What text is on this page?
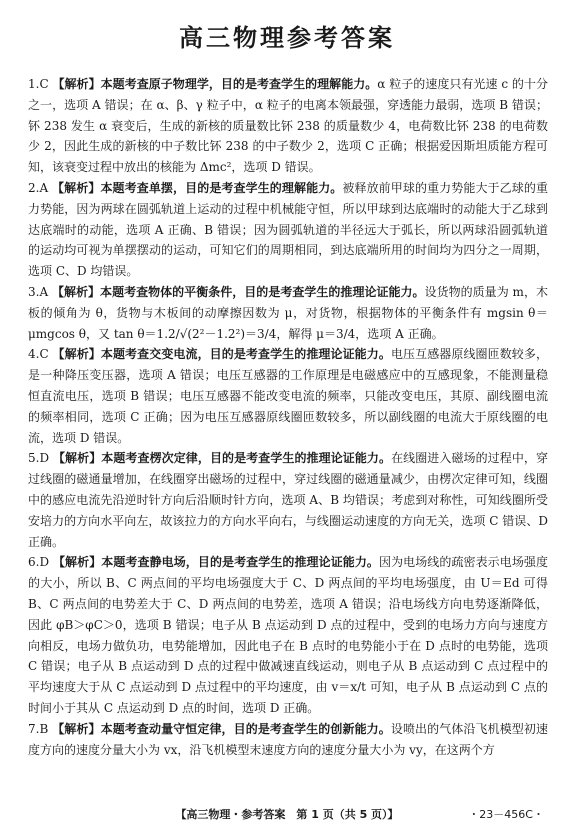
高三物理参考答案

1.C 【解析】本题考查原子物理学，目的是考查学生的理解能力。α 粒子的速度只有光速 c 的十分之一，选项 A 错误；在 α、β、γ 粒子中，α 粒子的电离本领最强，穿透能力最弱，选项 B 错误；钚 238 发生 α 衰变后，生成的新核的质量数比钚 238 的质量数少 4，电荷数比钚 238 的电荷数少 2，因此生成的新核的中子数比钚 238 的中子数少 2，选项 C 正确；根据爱因斯坦质能方程可知，该衰变过程中放出的核能为 Δmc²，选项 D 错误。

2.A 【解析】本题考查单摆，目的是考查学生的理解能力。被释放前甲球的重力势能大于乙球的重力势能，因为两球在圆弧轨道上运动的过程中机械能守恒，所以甲球到达底端时的动能大于乙球到达底端时的动能，选项 A 正确、B 错误；因为圆弧轨道的半径远大于弧长，所以两球沿圆弧轨道的运动均可视为单摆摆动的运动，可知它们的周期相同，到达底端所用的时间均为四分之一周期，选项 C、D 均错误。

3.A 【解析】本题考查物体的平衡条件，目的是考查学生的推理论证能力。设货物的质量为 m，木板的倾角为 θ，货物与木板间的动摩擦因数为 μ，对货物，根据物体的平衡条件有 mgsin θ＝μmgcos θ，又 tan θ＝1.2/√(2²－1.2²)＝3/4，解得 μ＝3/4，选项 A 正确。

4.C 【解析】本题考查交变电流，目的是考查学生的推理论证能力。电压互感器原线圈匝数较多，是一种降压变压器，选项 A 错误；电压互感器的工作原理是电磁感应中的互感现象，不能测量稳恒直流电压，选项 B 错误；电压互感器不能改变电流的频率，只能改变电压，其原、副线圈电流的频率相同，选项 C 正确；因为电压互感器原线圈匝数较多，所以副线圈的电流大于原线圈的电流，选项 D 错误。

5.D 【解析】本题考查楞次定律，目的是考查学生的推理论证能力。在线圈进入磁场的过程中，穿过线圈的磁通量增加，在线圈穿出磁场的过程中，穿过线圈的磁通量减少，由楞次定律可知，线圈中的感应电流先沿逆时针方向后沿顺时针方向，选项 A、B 均错误；考虑到对称性，可知线圈所受安培力的方向水平向左，故该拉力的方向水平向右，与线圈运动速度的方向无关，选项 C 错误、D 正确。

6.D 【解析】本题考查静电场，目的是考查学生的推理论证能力。因为电场线的疏密表示电场强度的大小，所以 B、C 两点间的平均电场强度大于 C、D 两点间的平均电场强度，由 U＝Ed 可得 B、C 两点间的电势差大于 C、D 两点间的电势差，选项 A 错误；沿电场线方向电势逐渐降低，因此 φB＞φC＞0，选项 B 错误；电子从 B 点运动到 D 点的过程中，受到的电场力方向与速度方向相反，电场力做负功，电势能增加，因此电子在 B 点时的电势能小于在 D 点时的电势能，选项 C 错误；电子从 B 点运动到 D 点的过程中做减速直线运动，则电子从 B 点运动到 C 点过程中的平均速度大于从 C 点运动到 D 点过程中的平均速度，由 v＝x/t 可知，电子从 B 点运动到 C 点的时间小于其从 C 点运动到 D 点的时间，选项 D 正确。

7.B 【解析】本题考查动量守恒定律，目的是考查学生的创新能力。设喷出的气体沿飞机模型初速度方向的速度分量大小为 vx，沿飞机模型末速度方向的速度分量大小为 vy，在这两个方

【高三物理・参考答案　第 1 页（共 5 页）】	・23－456C・
